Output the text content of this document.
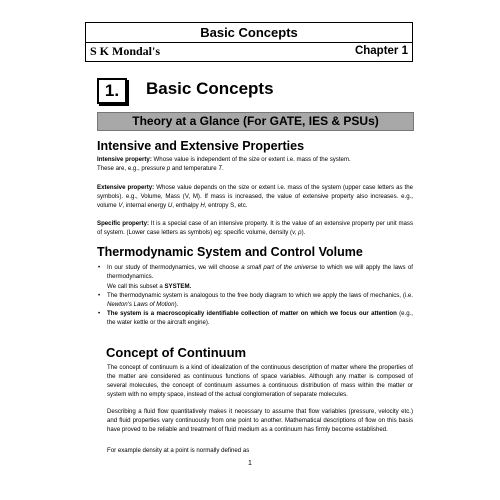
Basic Concepts
S K Mondal's	Chapter 1
1.	Basic Concepts
Theory at a Glance (For GATE, IES & PSUs)
Intensive and Extensive Properties
Intensive property: Whose value is independent of the size or extent i.e. mass of the system.
These are, e.g., pressure p and temperature T.
Extensive property: Whose value depends on the size or extent i.e. mass of the system (upper case letters as the symbols). e.g., Volume, Mass (V, M). If mass is increased, the value of extensive property also increases. e.g., volume V, internal energy U, enthalpy H, entropy S, etc.
Specific property: It is a special case of an intensive property. It is the value of an extensive property per unit mass of system. (Lower case letters as symbols) eg: specific volume, density (v, ρ).
Thermodynamic System and Control Volume
• In our study of thermodynamics, we will choose a small part of the universe to which we will apply the laws of thermodynamics.
We call this subset a SYSTEM.
• The thermodynamic system is analogous to the free body diagram to which we apply the laws of mechanics, (i.e. Newton's Laws of Motion).
• The system is a macroscopically identifiable collection of matter on which we focus our attention (e.g., the water kettle or the aircraft engine).
Concept of Continuum
The concept of continuum is a kind of idealization of the continuous description of matter where the properties of the matter are considered as continuous functions of space variables. Although any matter is composed of several molecules, the concept of continuum assumes a continuous distribution of mass within the matter or system with no empty space, instead of the actual conglomeration of separate molecules.
Describing a fluid flow quantitatively makes it necessary to assume that flow variables (pressure, velocity etc.) and fluid properties vary continuously from one point to another. Mathematical descriptions of flow on this basis have proved to be reliable and treatment of fluid medium as a continuum has firmly become established.
For example density at a point is normally defined as
1
